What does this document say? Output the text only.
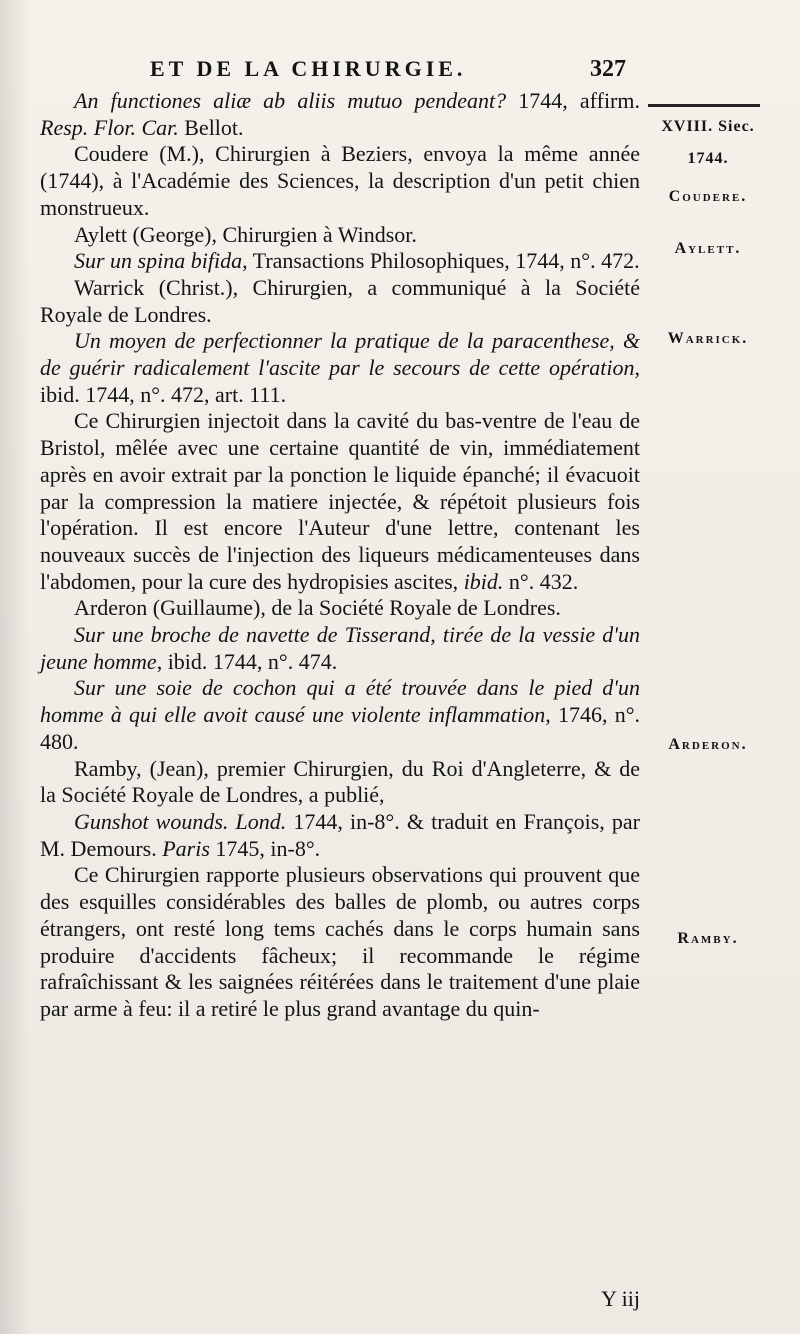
ET DE LA CHIRURGIE.	327
XVIII. Siec.
1744.
Coudere.
Aylett.
Warrick.
Arderon.
Ramby.

An functiones aliæ ab aliis mutuo pendeant? 1744, affirm. Resp. Flor. Car. Bellot.

Coudere (M.), Chirurgien à Beziers, envoya la même année (1744), à l'Académie des Sciences, la description d'un petit chien monstrueux.

Aylett (George), Chirurgien à Windsor.

Sur un spina bifida, Transactions Philosophiques, 1744, n°. 472.

Warrick (Christ.), Chirurgien, a communiqué à la Société Royale de Londres.

Un moyen de perfectionner la pratique de la paracenthese, & de guérir radicalement l'ascite par le secours de cette opération, ibid. 1744, n°. 472, art. 111.

Ce Chirurgien injectoit dans la cavité du bas-ventre de l'eau de Bristol, mêlée avec une certaine quantité de vin, immédiatement après en avoir extrait par la ponction le liquide épanché; il évacuoit par la compression la matiere injectée, & répétoit plusieurs fois l'opération. Il est encore l'Auteur d'une lettre, contenant les nouveaux succès de l'injection des liqueurs médicamenteuses dans l'abdomen, pour la cure des hydropisies ascites, ibid. n°. 432.

Arderon (Guillaume), de la Société Royale de Londres.

Sur une broche de navette de Tisserand, tirée de la vessie d'un jeune homme, ibid. 1744, n°. 474.

Sur une soie de cochon qui a été trouvée dans le pied d'un homme à qui elle avoit causé une violente inflammation, 1746, n°. 480.

Ramby, (Jean), premier Chirurgien, du Roi d'Angleterre, & de la Société Royale de Londres, a publié,

Gunshot wounds. Lond. 1744, in-8°. & traduit en François, par M. Demours. Paris 1745, in-8°.

Ce Chirurgien rapporte plusieurs observations qui prouvent que des esquilles considérables des balles de plomb, ou autres corps étrangers, ont resté long tems cachés dans le corps humain sans produire d'accidents fâcheux; il recommande le régime rafraîchissant & les saignées réitérées dans le traitement d'une plaie par arme à feu: il a retiré le plus grand avantage du quin-

Y iij
